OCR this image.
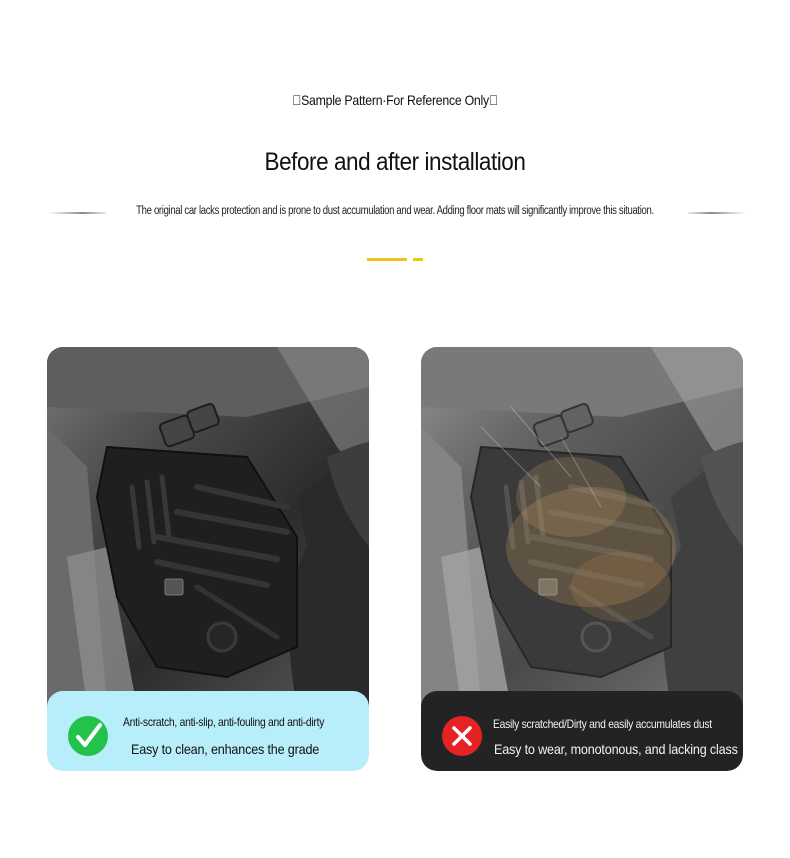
 Sample Pattern·For Reference Only 
Before and after installation
The original car lacks protection and is prone to dust accumulation and wear. Adding floor mats will significantly improve this situation.
Anti-scratch, anti-slip, anti-fouling and anti-dirty
Easy to clean, enhances the grade
Easily scratched/Dirty and easily accumulates dust
Easy to wear, monotonous, and lacking class
